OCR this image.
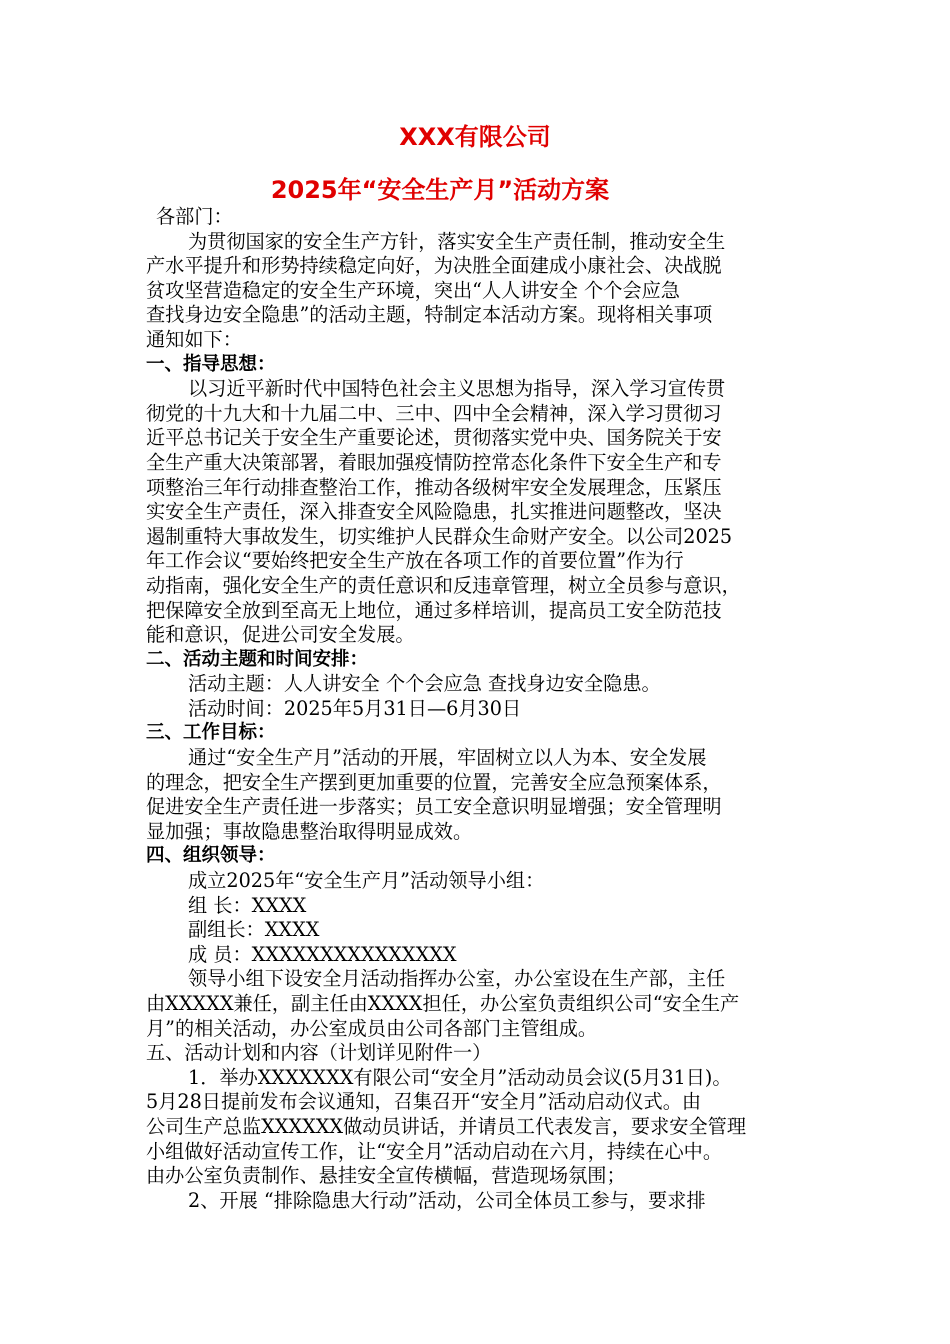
XXX有限公司
2025年“安全生产月”活动方案
各部门：
为贯彻国家的安全生产方针，落实安全生产责任制，推动安全生
产水平提升和形势持续稳定向好，为决胜全面建成小康社会、决战脱
贫攻坚营造稳定的安全生产环境，突出“人人讲安全 个个会应急
查找身边安全隐患”的活动主题，特制定本活动方案。现将相关事项
通知如下：
一、指导思想：
以习近平新时代中国特色社会主义思想为指导，深入学习宣传贯
彻党的十九大和十九届二中、三中、四中全会精神，深入学习贯彻习
近平总书记关于安全生产重要论述，贯彻落实党中央、国务院关于安
全生产重大决策部署，着眼加强疫情防控常态化条件下安全生产和专
项整治三年行动排查整治工作，推动各级树牢安全发展理念，压紧压
实安全生产责任，深入排查安全风险隐患，扎实推进问题整改，坚决
遏制重特大事故发生，切实维护人民群众生命财产安全。以公司2025
年工作会议“要始终把安全生产放在各项工作的首要位置”作为行
动指南，强化安全生产的责任意识和反违章管理，树立全员参与意识，
把保障安全放到至高无上地位，通过多样培训，提高员工安全防范技
能和意识，促进公司安全发展。
二、活动主题和时间安排：
活动主题：人人讲安全 个个会应急 查找身边安全隐患。
活动时间：2025年5月31日—6月30日
三、工作目标：
通过“安全生产月”活动的开展，牢固树立以人为本、安全发展
的理念，把安全生产摆到更加重要的位置，完善安全应急预案体系，
促进安全生产责任进一步落实；员工安全意识明显增强；安全管理明
显加强；事故隐患整治取得明显成效。
四、组织领导：
成立2025年“安全生产月”活动领导小组：
组 长：XXXX
副组长：XXXX
成 员：XXXXXXXXXXXXXXX
领导小组下设安全月活动指挥办公室，办公室设在生产部，主任
由XXXXX兼任，副主任由XXXX担任，办公室负责组织公司“安全生产
月”的相关活动，办公室成员由公司各部门主管组成。
五、活动计划和内容（计划详见附件一）
1．举办XXXXXXX有限公司“安全月”活动动员会议(5月31日)。
5月28日提前发布会议通知，召集召开“安全月”活动启动仪式。由
公司生产总监XXXXXX做动员讲话，并请员工代表发言，要求安全管理
小组做好活动宣传工作，让“安全月”活动启动在六月，持续在心中。
由办公室负责制作、悬挂安全宣传横幅，营造现场氛围；
2、开展 “排除隐患大行动”活动，公司全体员工参与，要求排
